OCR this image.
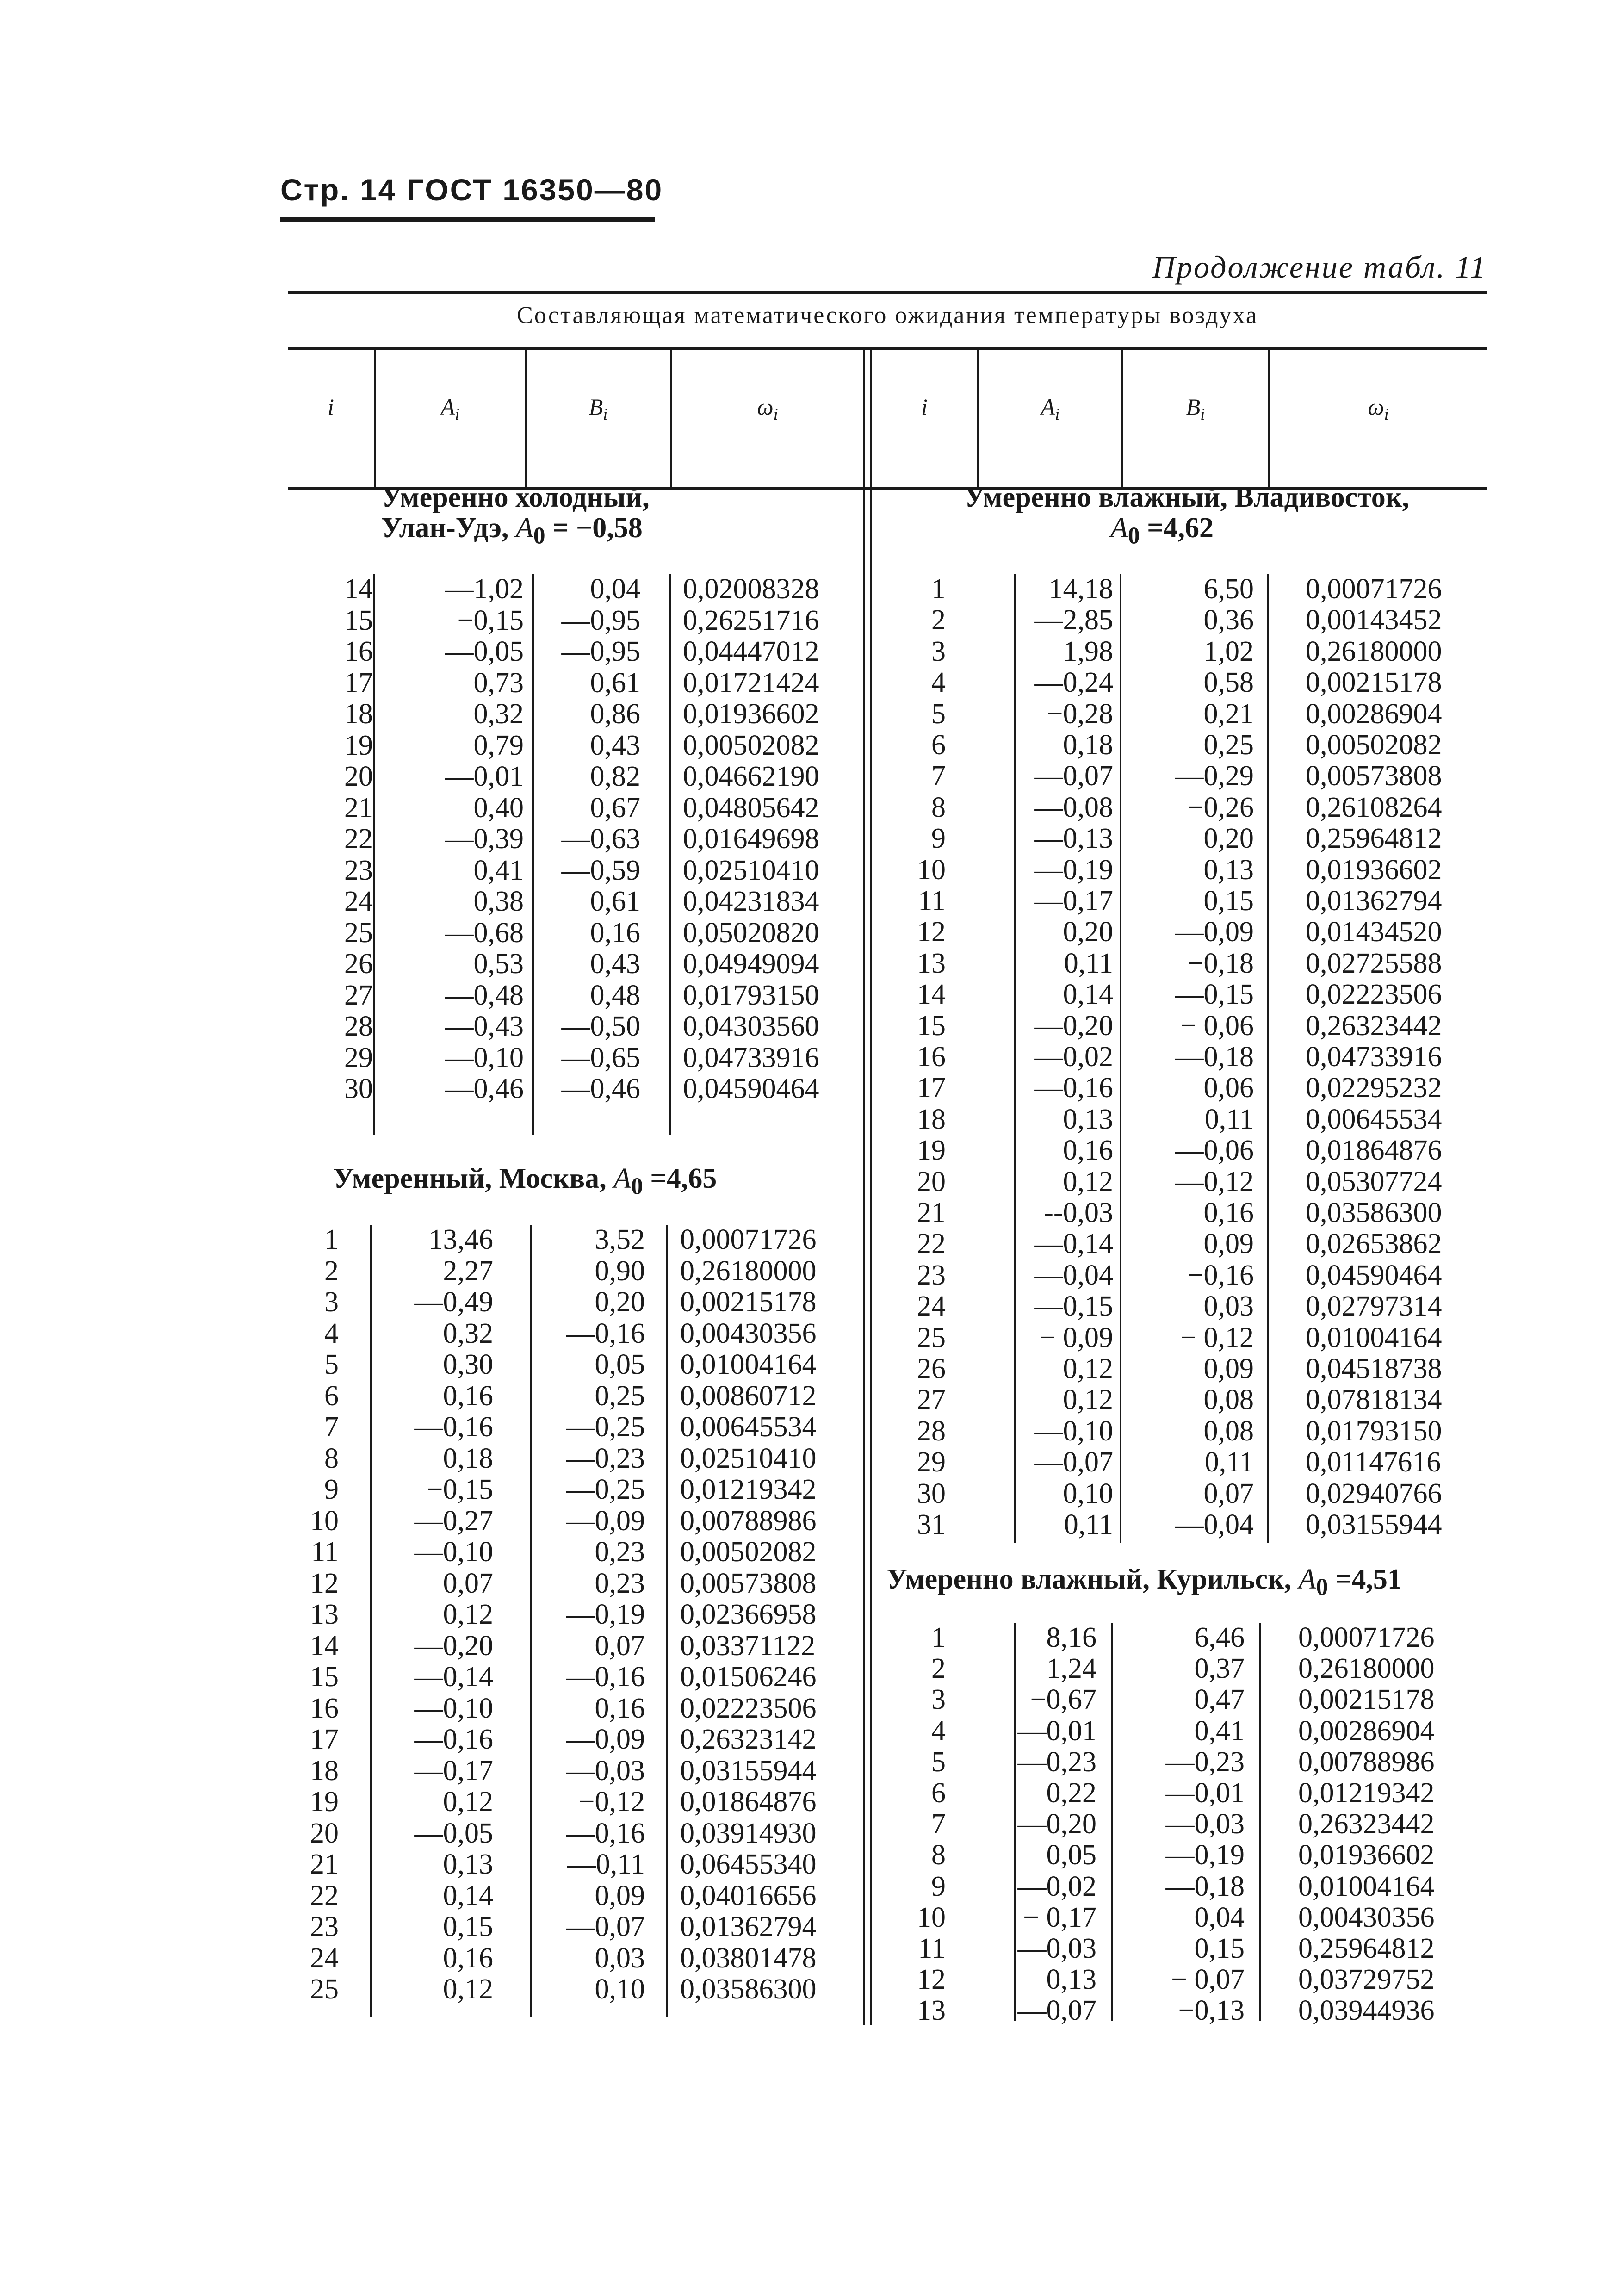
Стр. 14 ГОСТ 16350—80
Продолжение табл. 11
Составляющая математического ожидания температуры воздуха
i	$A_i$	$B_i$	$\omega_i$	i	$A_i$	$B_i$	$\omega_i$
Умеренно холодный,
Улан-Удэ, $A_0 = -0,58$
Умеренный, Москва, $A_0 =4,65$
Умеренно влажный, Владивосток,
$A_0 =4,62$
Умеренно влажный, Курильск, $A_0 =4,51$
14	—1,02	0,04 0,02008328
15	−0,15	—0,95 0,26251716
16	—0,05	—0,95 0,04447012
17	0,73	0,61 0,01721424
18	0,32	0,86 0,01936602
19	0,79	0,43 0,00502082
20	—0,01	0,82 0,04662190
21	0,40	0,67 0,04805642
22	—0,39	—0,63 0,01649698
23	0,41	—0,59 0,02510410
24	0,38	0,61 0,04231834
25	—0,68	0,16 0,05020820
26	0,53	0,43 0,04949094
27	—0,48	0,48 0,01793150
28	—0,43	—0,50 0,04303560
29	—0,10	—0,65 0,04733916
30	—0,46	—0,46 0,04590464
1	13,46	3,52 0,00071726
2	2,27	0,90 0,26180000
3	—0,49	0,20 0,00215178
4	0,32	—0,16 0,00430356
5	0,30	0,05 0,01004164
6	0,16	0,25 0,00860712
7	—0,16	—0,25 0,00645534
8	0,18	—0,23 0,02510410
9	−0,15	—0,25 0,01219342
10	—0,27	—0,09 0,00788986
11	—0,10	0,23 0,00502082
12	0,07	0,23 0,00573808
13	0,12	—0,19 0,02366958
14	—0,20	0,07 0,03371122
15	—0,14	—0,16 0,01506246
16	—0,10	0,16 0,02223506
17	—0,16	—0,09 0,26323142
18	—0,17	—0,03 0,03155944
19	0,12	−0,12 0,01864876
20	—0,05	—0,16 0,03914930
21	0,13	—0,11 0,06455340
22	0,14	0,09 0,04016656
23	0,15	—0,07 0,01362794
24	0,16	0,03 0,03801478
25	0,12	0,10 0,03586300
1	14,18	6,50 0,00071726
2	—2,85	0,36 0,00143452
3	1,98	1,02 0,26180000
4	—0,24	0,58 0,00215178
5	−0,28	0,21 0,00286904
6	0,18	0,25 0,00502082
7	—0,07	—0,29 0,00573808
8	—0,08	−0,26 0,26108264
9	—0,13	0,20 0,25964812
10	—0,19	0,13 0,01936602
11	—0,17	0,15 0,01362794
12	0,20	—0,09 0,01434520
13	0,11	−0,18 0,02725588
14	0,14	—0,15 0,02223506
15	—0,20	− 0,06 0,26323442
16	—0,02	—0,18 0,04733916
17	—0,16	0,06 0,02295232
18	0,13	0,11 0,00645534
19	0,16	—0,06 0,01864876
20	0,12	—0,12 0,05307724
21	--0,03	0,16 0,03586300
22	—0,14	0,09 0,02653862
23	—0,04	−0,16 0,04590464
24	—0,15	0,03 0,02797314
25	− 0,09	− 0,12 0,01004164
26	0,12	0,09 0,04518738
27	0,12	0,08 0,07818134
28	—0,10	0,08 0,01793150
29	—0,07	0,11 0,01147616
30	0,10	0,07 0,02940766
31	0,11	—0,04 0,03155944
1	8,16	6,46 0,00071726
2	1,24	0,37 0,26180000
3	−0,67	0,47 0,00215178
4	—0,01	0,41 0,00286904
5	—0,23	—0,23 0,00788986
6	0,22	—0,01 0,01219342
7	—0,20	—0,03 0,26323442
8	0,05	—0,19 0,01936602
9	—0,02	—0,18 0,01004164
10	− 0,17	0,04 0,00430356
11	—0,03	0,15 0,25964812
12	0,13	− 0,07 0,03729752
13	—0,07	−0,13 0,03944936
